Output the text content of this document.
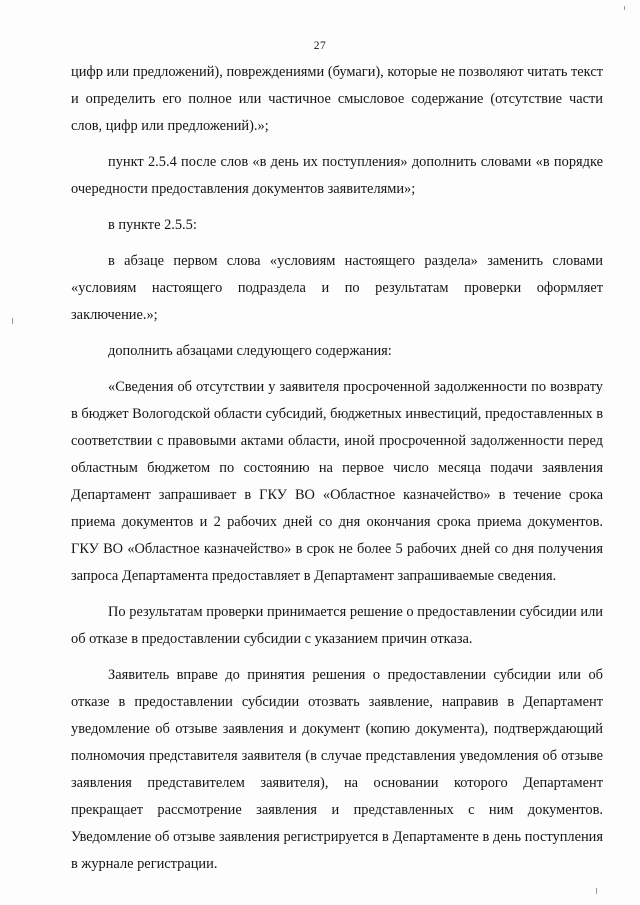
27

цифр или предложений), повреждениями (бумаги), которые не позволяют читать текст и определить его полное или частичное смысловое содержание (отсутствие части слов, цифр или предложений).»;

пункт 2.5.4 после слов «в день их поступления» дополнить словами «в порядке очередности предоставления документов заявителями»;

в пункте 2.5.5:

в абзаце первом слова «условиям настоящего раздела» заменить словами «условиям настоящего подраздела и по результатам проверки оформляет заключение.»;

дополнить абзацами следующего содержания:

«Сведения об отсутствии у заявителя просроченной задолженности по возврату в бюджет Вологодской области субсидий, бюджетных инвестиций, предоставленных в соответствии с правовыми актами области, иной просроченной задолженности перед областным бюджетом по состоянию на первое число месяца подачи заявления Департамент запрашивает в ГКУ ВО «Областное казначейство» в течение срока приема документов и 2 рабочих дней со дня окончания срока приема документов. ГКУ ВО «Областное казначейство» в срок не более 5 рабочих дней со дня получения запроса Департамента предоставляет в Департамент запрашиваемые сведения.

По результатам проверки принимается решение о предоставлении субсидии или об отказе в предоставлении субсидии с указанием причин отказа.

Заявитель вправе до принятия решения о предоставлении субсидии или об отказе в предоставлении субсидии отозвать заявление, направив в Департамент уведомление об отзыве заявления и документ (копию документа), подтверждающий полномочия представителя заявителя (в случае представления уведомления об отзыве заявления представителем заявителя), на основании которого Департамент прекращает рассмотрение заявления и представленных с ним документов. Уведомление об отзыве заявления регистрируется в Департаменте в день поступления в журнале регистрации.
